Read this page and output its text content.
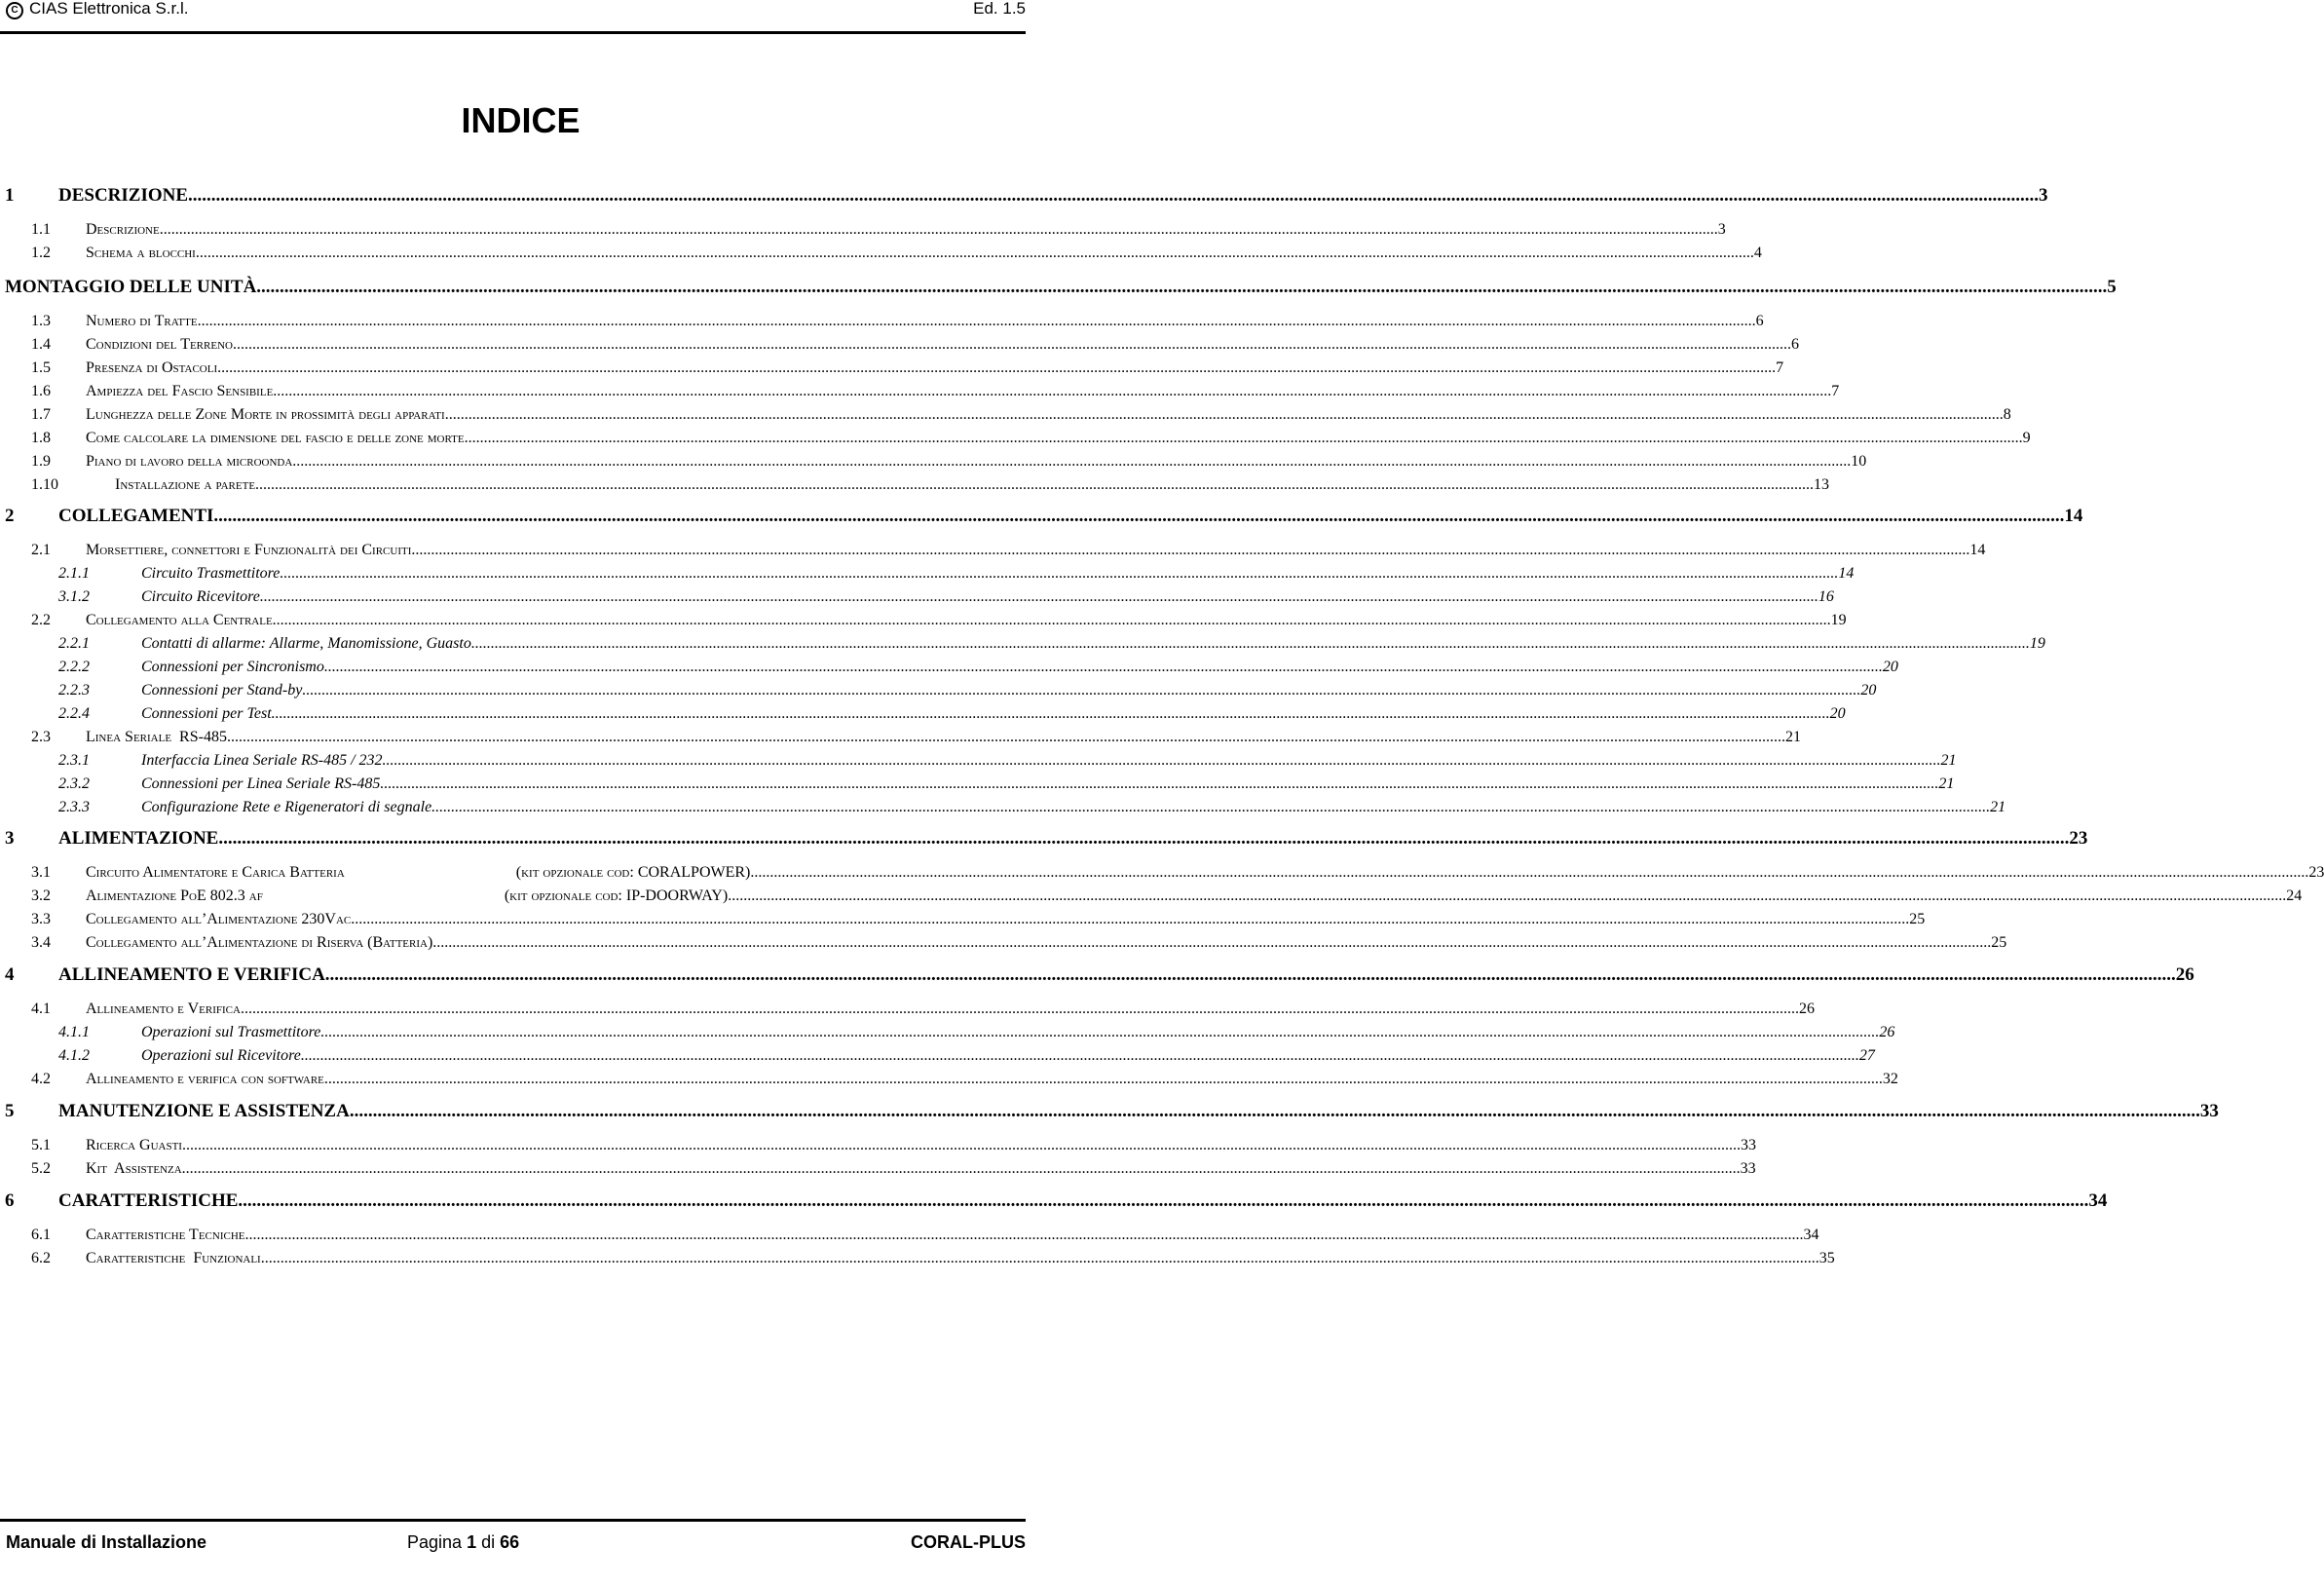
C CIAS Elettronica S.r.l.	Ed. 1.5
INDICE
1 DESCRIZIONE ................................................................................................................................................................................................................................................................................................................................................................................................................ 3
1.1 Descrizione ................................................................................................................................................................................................................................................................................................................................................................................................................ 3
1.2 Schema a blocchi ................................................................................................................................................................................................................................................................................................................................................................................................................ 4
MONTAGGIO DELLE UNITÀ ................................................................................................................................................................................................................................................................................................................................................................................................................ 5
1.3 Numero di Tratte ................................................................................................................................................................................................................................................................................................................................................................................................................ 6
1.4 Condizioni del Terreno ................................................................................................................................................................................................................................................................................................................................................................................................................ 6
1.5 Presenza di Ostacoli ................................................................................................................................................................................................................................................................................................................................................................................................................ 7
1.6 Ampiezza del Fascio Sensibile ................................................................................................................................................................................................................................................................................................................................................................................................................ 7
1.7 Lunghezza delle Zone Morte in prossimità degli apparati ................................................................................................................................................................................................................................................................................................................................................................................................................ 8
1.8 Come calcolare la dimensione del fascio e delle zone morte ................................................................................................................................................................................................................................................................................................................................................................................................................ 9
1.9 Piano di lavoro della microonda ................................................................................................................................................................................................................................................................................................................................................................................................................ 10
1.10	Installazione a parete ................................................................................................................................................................................................................................................................................................................................................................................................................ 13
2 COLLEGAMENTI ................................................................................................................................................................................................................................................................................................................................................................................................................ 14
2.1 Morsettiere, connettori e Funzionalità dei Circuiti ................................................................................................................................................................................................................................................................................................................................................................................................................ 14
2.1.1	Circuito Trasmettitore ................................................................................................................................................................................................................................................................................................................................................................................................................ 14
3.1.2	Circuito Ricevitore ................................................................................................................................................................................................................................................................................................................................................................................................................ 16
2.2 Collegamento alla Centrale ................................................................................................................................................................................................................................................................................................................................................................................................................ 19
2.2.1	Contatti di allarme: Allarme, Manomissione, Guasto ................................................................................................................................................................................................................................................................................................................................................................................................................ 19
2.2.2	Connessioni per Sincronismo ................................................................................................................................................................................................................................................................................................................................................................................................................ 20
2.2.3	Connessioni per Stand-by ................................................................................................................................................................................................................................................................................................................................................................................................................ 20
2.2.4	Connessioni per Test ................................................................................................................................................................................................................................................................................................................................................................................................................ 20
2.3 Linea Seriale  RS-485 ................................................................................................................................................................................................................................................................................................................................................................................................................ 21
2.3.1	Interfaccia Linea Seriale RS-485 / 232 ................................................................................................................................................................................................................................................................................................................................................................................................................ 21
2.3.2	Connessioni per Linea Seriale RS-485 ................................................................................................................................................................................................................................................................................................................................................................................................................ 21
2.3.3	Configurazione Rete e Rigeneratori di segnale ................................................................................................................................................................................................................................................................................................................................................................................................................ 21
3 ALIMENTAZIONE ................................................................................................................................................................................................................................................................................................................................................................................................................ 23
3.1 Circuito Alimentatore e Carica Batteria                                            (kit opzionale cod: CORALPOWER) ................................................................................................................................................................................................................................................................................................................................................................................................................ 23
3.2 Alimentazione PoE 802.3 af                                                              (kit opzionale cod: IP-DOORWAY) ................................................................................................................................................................................................................................................................................................................................................................................................................ 24
3.3 Collegamento all’Alimentazione 230Vac ................................................................................................................................................................................................................................................................................................................................................................................................................ 25
3.4 Collegamento all’Alimentazione di Riserva (Batteria) ................................................................................................................................................................................................................................................................................................................................................................................................................ 25
4 ALLINEAMENTO E VERIFICA ................................................................................................................................................................................................................................................................................................................................................................................................................ 26
4.1 Allineamento e Verifica ................................................................................................................................................................................................................................................................................................................................................................................................................ 26
4.1.1	Operazioni sul Trasmettitore ................................................................................................................................................................................................................................................................................................................................................................................................................ 26
4.1.2	Operazioni sul Ricevitore ................................................................................................................................................................................................................................................................................................................................................................................................................ 27
4.2 Allineamento e verifica con software ................................................................................................................................................................................................................................................................................................................................................................................................................ 32
5 MANUTENZIONE E ASSISTENZA ................................................................................................................................................................................................................................................................................................................................................................................................................ 33
5.1 Ricerca Guasti ................................................................................................................................................................................................................................................................................................................................................................................................................ 33
5.2 Kit  Assistenza ................................................................................................................................................................................................................................................................................................................................................................................................................ 33
6 CARATTERISTICHE ................................................................................................................................................................................................................................................................................................................................................................................................................ 34
6.1 Caratteristiche Tecniche ................................................................................................................................................................................................................................................................................................................................................................................................................ 34
6.2 Caratteristiche  Funzionali ................................................................................................................................................................................................................................................................................................................................................................................................................ 35
Manuale di Installazione	Pagina 1 di 66	CORAL-PLUS
